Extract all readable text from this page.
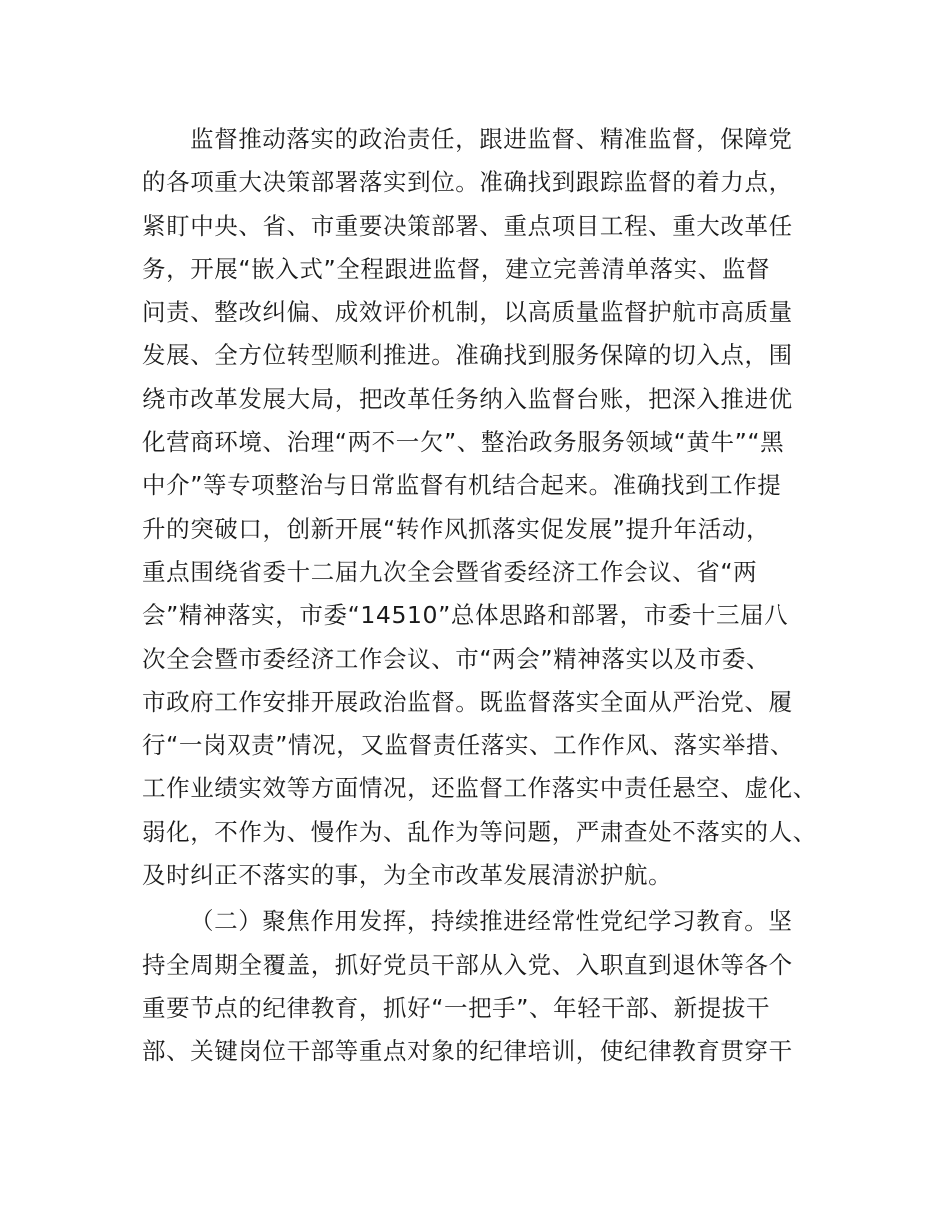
监督推动落实的政治责任，跟进监督、精准监督，保障党
的各项重大决策部署落实到位。准确找到跟踪监督的着力点，
紧盯中央、省、市重要决策部署、重点项目工程、重大改革任
务，开展“嵌入式”全程跟进监督，建立完善清单落实、监督
问责、整改纠偏、成效评价机制，以高质量监督护航市高质量
发展、全方位转型顺利推进。准确找到服务保障的切入点，围
绕市改革发展大局，把改革任务纳入监督台账，把深入推进优
化营商环境、治理“两不一欠”、整治政务服务领域“黄牛”“黑
中介”等专项整治与日常监督有机结合起来。准确找到工作提
升的突破口，创新开展“转作风抓落实促发展”提升年活动，
重点围绕省委十二届九次全会暨省委经济工作会议、省“两
会”精神落实，市委“14510”总体思路和部署，市委十三届八
次全会暨市委经济工作会议、市“两会”精神落实以及市委、
市政府工作安排开展政治监督。既监督落实全面从严治党、履
行“一岗双责”情况，又监督责任落实、工作作风、落实举措、
工作业绩实效等方面情况，还监督工作落实中责任悬空、虚化、
弱化，不作为、慢作为、乱作为等问题，严肃查处不落实的人、
及时纠正不落实的事，为全市改革发展清淤护航。
（二）聚焦作用发挥，持续推进经常性党纪学习教育。坚
持全周期全覆盖，抓好党员干部从入党、入职直到退休等各个
重要节点的纪律教育，抓好“一把手”、年轻干部、新提拔干
部、关键岗位干部等重点对象的纪律培训，使纪律教育贯穿干
